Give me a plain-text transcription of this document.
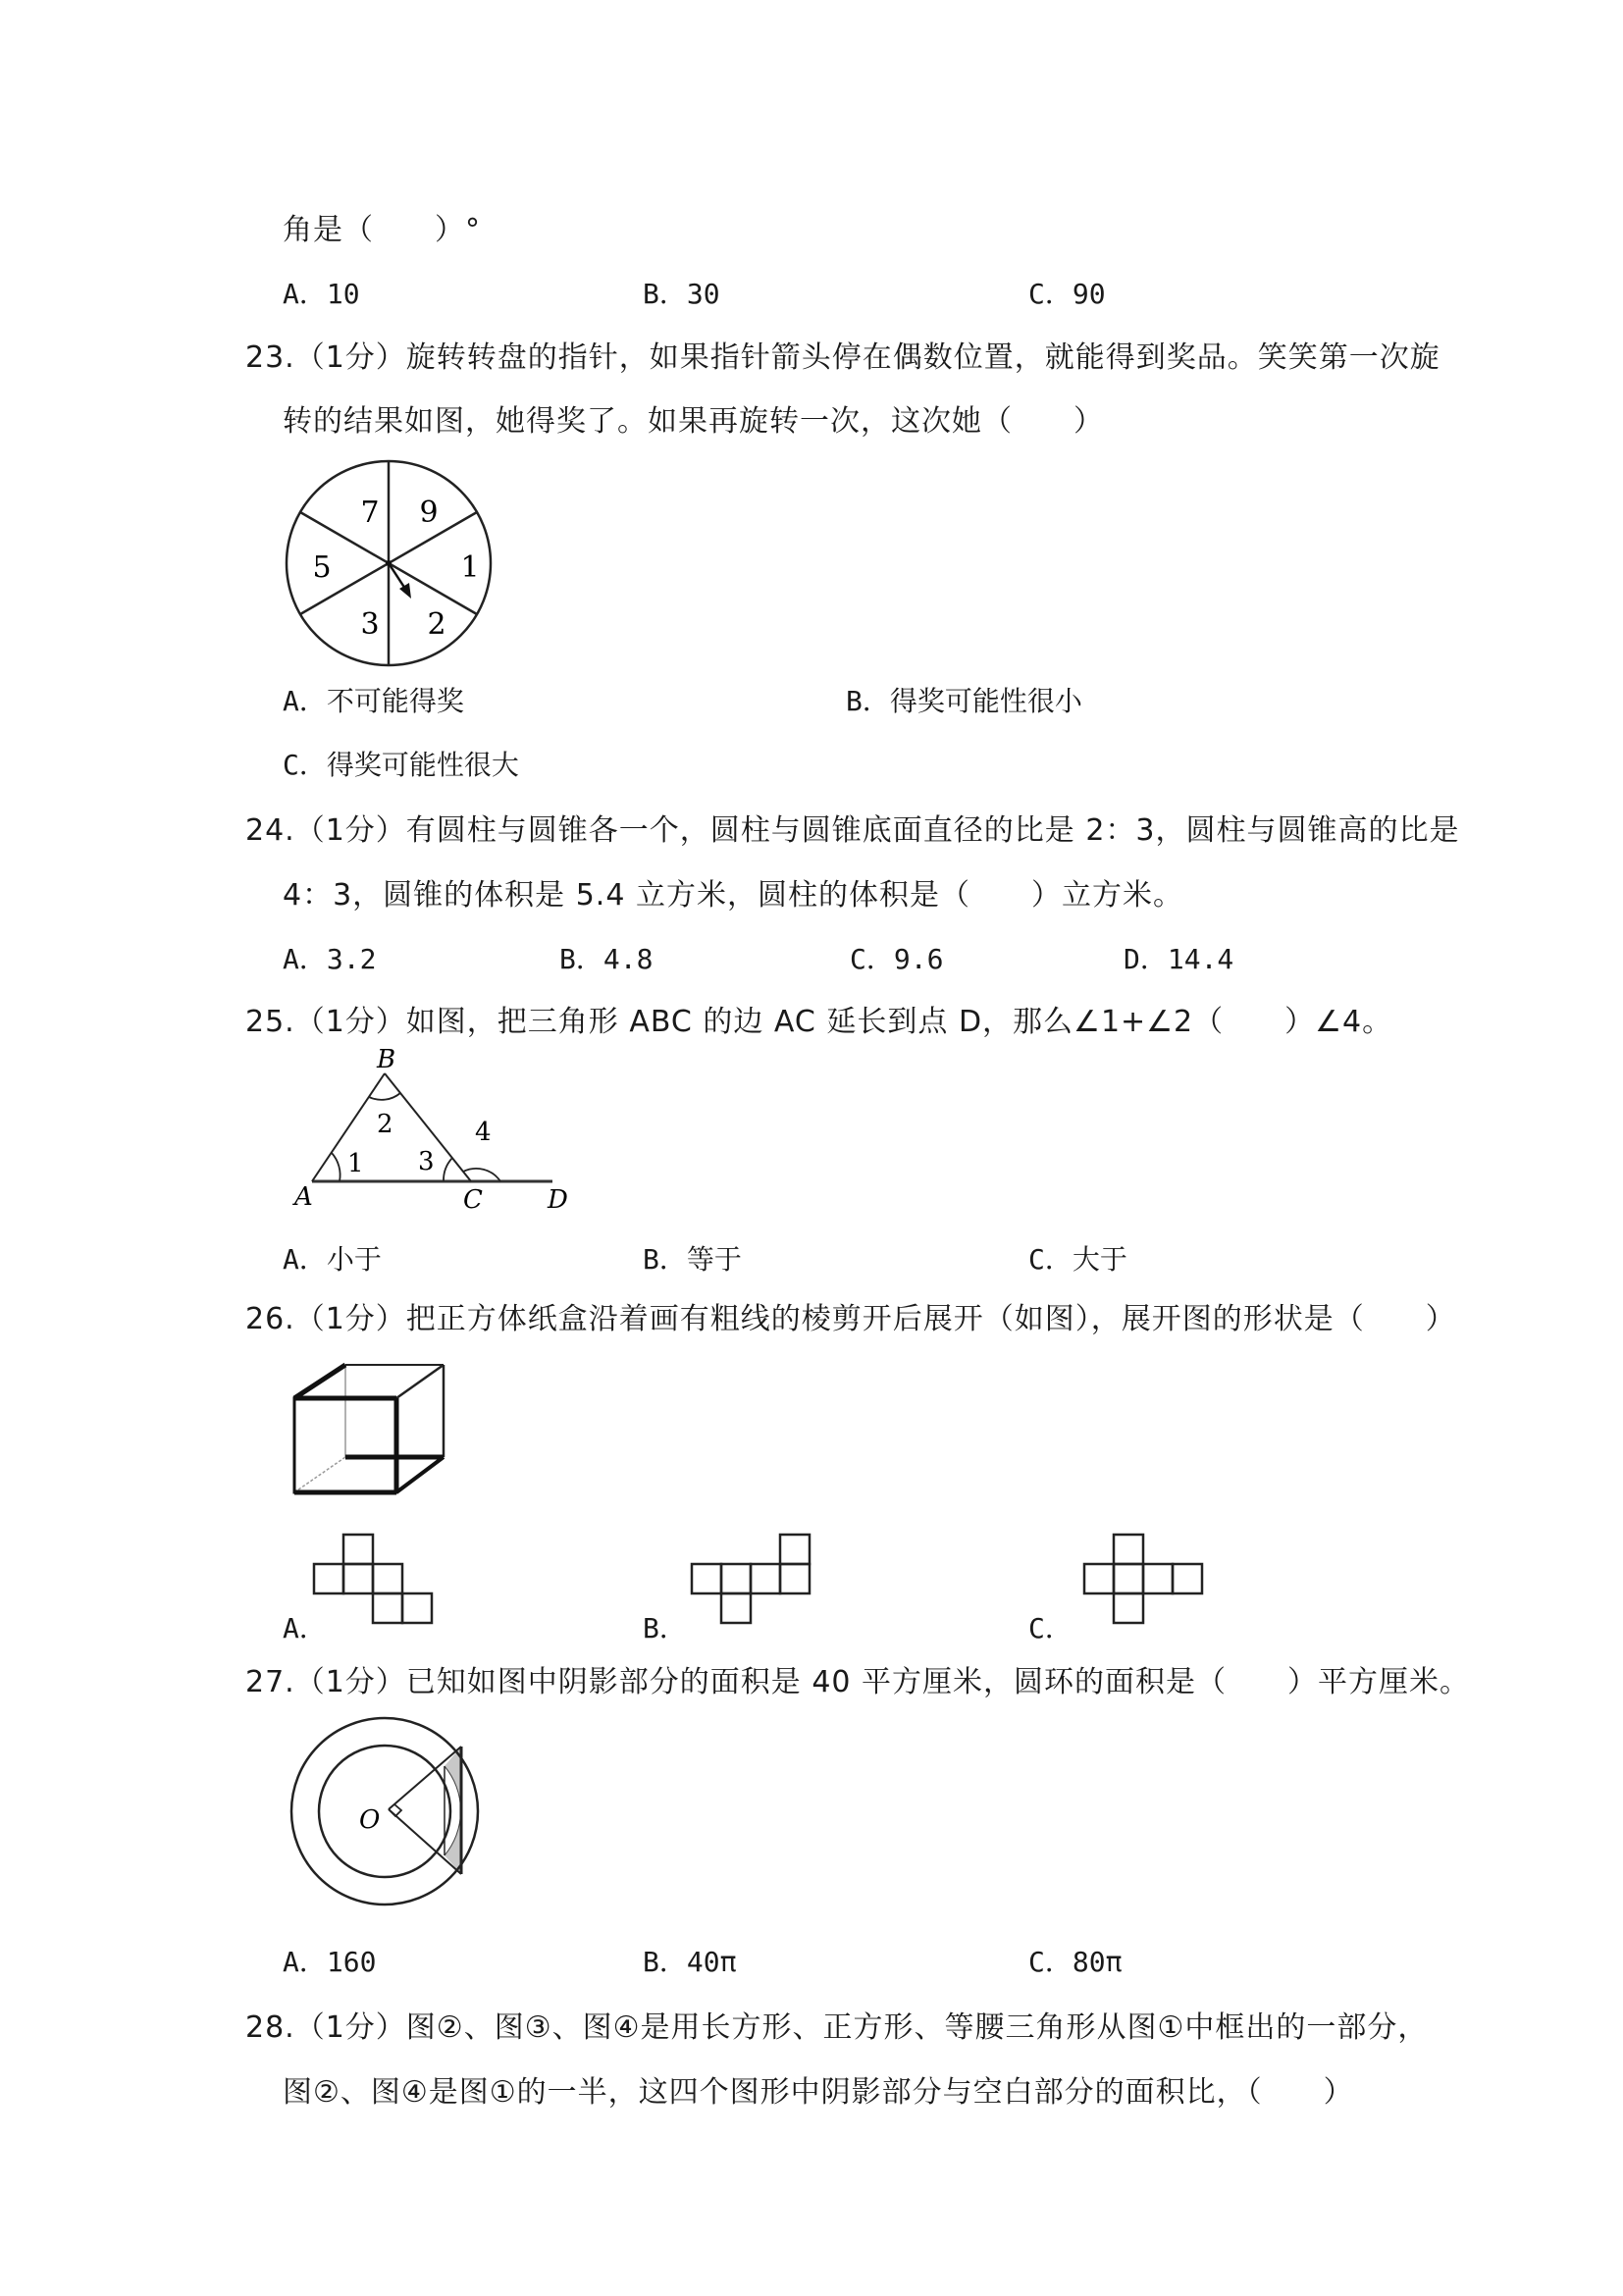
角是（　　）°
A．10	B．30	C．90
23.（1分）旋转转盘的指针，如果指针箭头停在偶数位置，就能得到奖品。笑笑第一次旋
转的结果如图，她得奖了。如果再旋转一次，这次她（　　）
9
1
2
3
5
7
A．不可能得奖	B．得奖可能性很小
C．得奖可能性很大
24.（1分）有圆柱与圆锥各一个，圆柱与圆锥底面直径的比是 2：3，圆柱与圆锥高的比是
4：3，圆锥的体积是 5.4 立方米，圆柱的体积是（　　）立方米。
A．3.2	B．4.8	C．9.6	D．14.4
25.（1分）如图，把三角形 ABC 的边 AC 延长到点 D，那么∠1+∠2（　　）∠4。
A
B
C	D
1
2
3
4
A．小于	B．等于	C．大于
26.（1分）把正方体纸盒沿着画有粗线的棱剪开后展开（如图），展开图的形状是（　　）
A．	B．	C．
27.（1分）已知如图中阴影部分的面积是 40 平方厘米，圆环的面积是（　　）平方厘米。
O
A．160	B．40π	C．80π
28.（1分）图②、图③、图④是用长方形、正方形、等腰三角形从图①中框出的一部分，
图②、图④是图①的一半，这四个图形中阴影部分与空白部分的面积比，（　　）
